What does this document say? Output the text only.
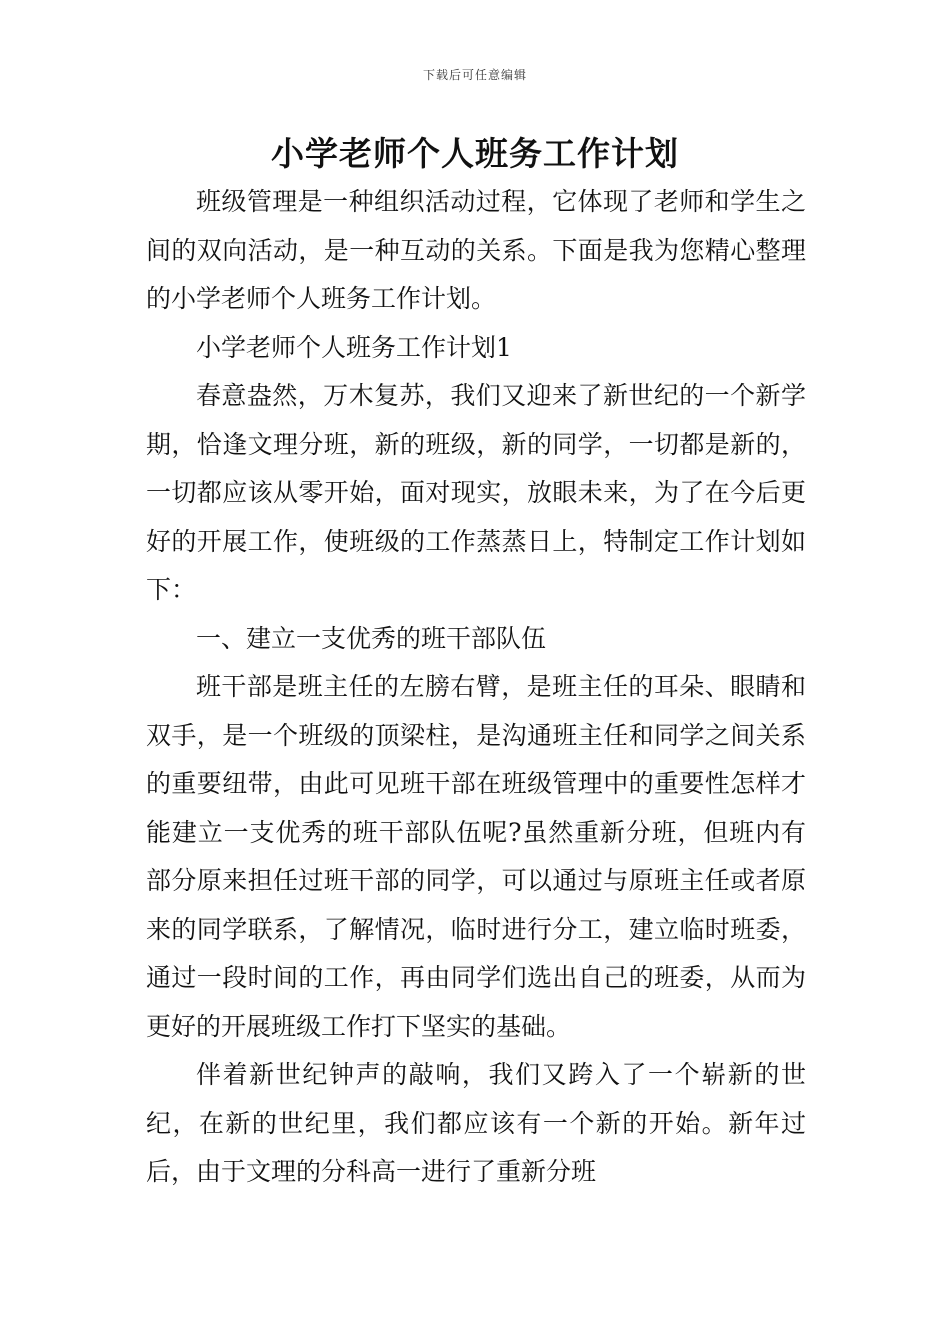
下载后可任意编辑
小学老师个人班务工作计划

班级管理是一种组织活动过程，它体现了老师和学生之间的双向活动，是一种互动的关系。下面是我为您精心整理的小学老师个人班务工作计划。

小学老师个人班务工作计划1

春意盎然，万木复苏，我们又迎来了新世纪的一个新学期，恰逢文理分班，新的班级，新的同学，一切都是新的，一切都应该从零开始，面对现实，放眼未来，为了在今后更好的开展工作，使班级的工作蒸蒸日上，特制定工作计划如下：

一、建立一支优秀的班干部队伍

班干部是班主任的左膀右臂，是班主任的耳朵、眼睛和双手，是一个班级的顶梁柱，是沟通班主任和同学之间关系的重要纽带，由此可见班干部在班级管理中的重要性怎样才能建立一支优秀的班干部队伍呢?虽然重新分班，但班内有部分原来担任过班干部的同学，可以通过与原班主任或者原来的同学联系，了解情况，临时进行分工，建立临时班委，通过一段时间的工作，再由同学们选出自己的班委，从而为更好的开展班级工作打下坚实的基础。

伴着新世纪钟声的敲响，我们又跨入了一个崭新的世纪，在新的世纪里，我们都应该有一个新的开始。新年过后，由于文理的分科高一进行了重新分班
